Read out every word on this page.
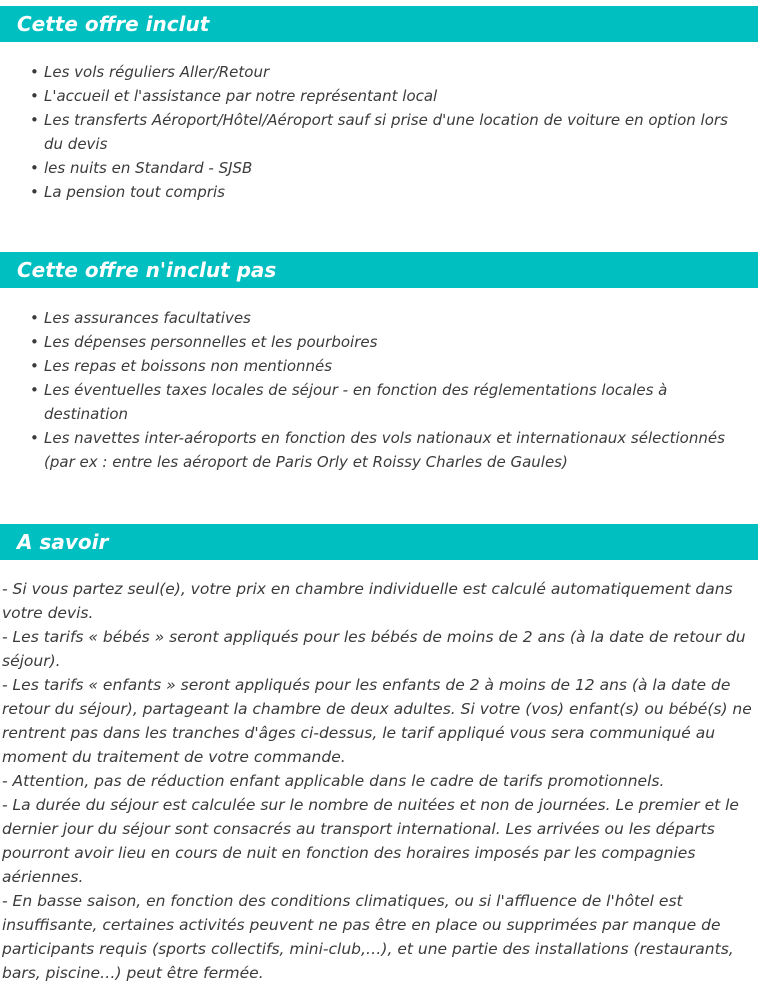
Cette offre inclut
• Les vols réguliers Aller/Retour
• L'accueil et l'assistance par notre représentant local
• Les transferts Aéroport/Hôtel/Aéroport sauf si prise d'une location de voiture en option lors du devis
• les nuits en Standard - SJSB
• La pension tout compris
Cette offre n'inclut pas
• Les assurances facultatives
• Les dépenses personnelles et les pourboires
• Les repas et boissons non mentionnés
• Les éventuelles taxes locales de séjour - en fonction des réglementations locales à destination
• Les navettes inter-aéroports en fonction des vols nationaux et internationaux sélectionnés (par ex : entre les aéroport de Paris Orly et Roissy Charles de Gaules)
A savoir

- Si vous partez seul(e), votre prix en chambre individuelle est calculé automatiquement dans votre devis.

- Les tarifs « bébés » seront appliqués pour les bébés de moins de 2 ans (à la date de retour du séjour).

- Les tarifs « enfants » seront appliqués pour les enfants de 2 à moins de 12 ans (à la date de retour du séjour), partageant la chambre de deux adultes. Si votre (vos) enfant(s) ou bébé(s) ne rentrent pas dans les tranches d'âges ci-dessus, le tarif appliqué vous sera communiqué au moment du traitement de votre commande.

- Attention, pas de réduction enfant applicable dans le cadre de tarifs promotionnels.

- La durée du séjour est calculée sur le nombre de nuitées et non de journées. Le premier et le dernier jour du séjour sont consacrés au transport international. Les arrivées ou les départs pourront avoir lieu en cours de nuit en fonction des horaires imposés par les compagnies aériennes.

- En basse saison, en fonction des conditions climatiques, ou si l'affluence de l'hôtel est insuffisante, certaines activités peuvent ne pas être en place ou supprimées par manque de participants requis (sports collectifs, mini-club,…), et une partie des installations (restaurants, bars, piscine…) peut être fermée.
